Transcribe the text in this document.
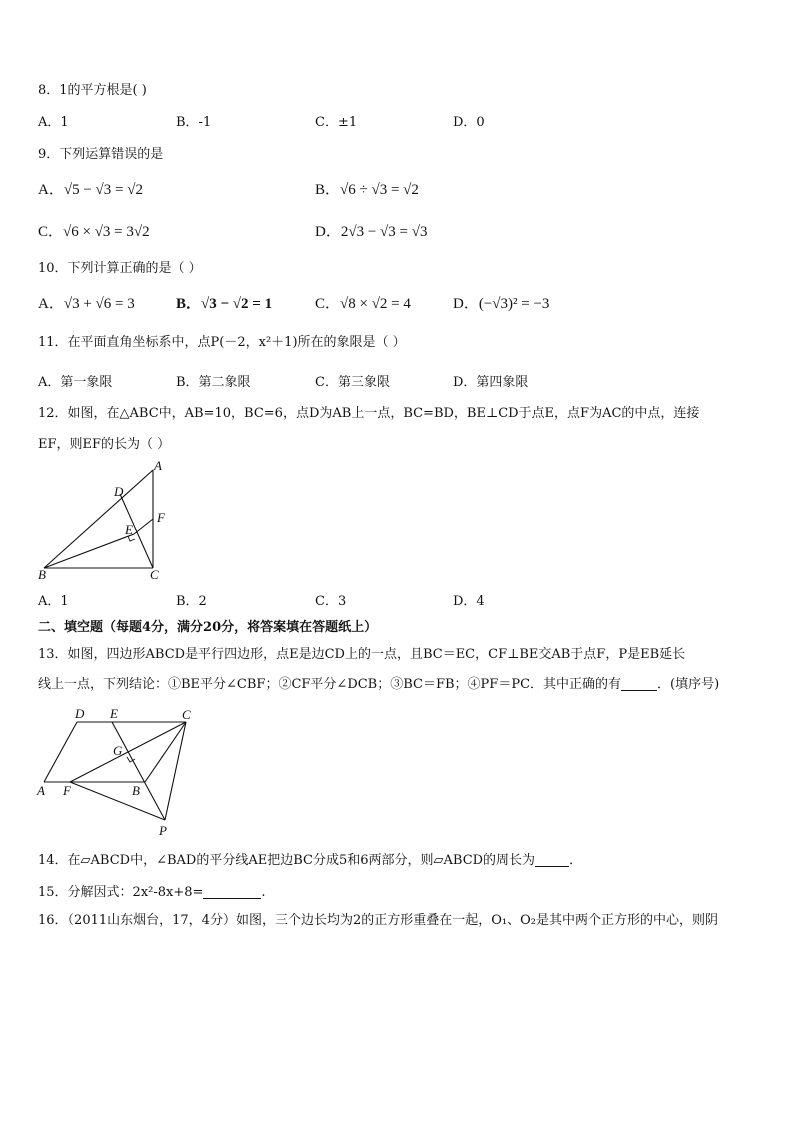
8．1的平方根是( )
A．1	B．-1	C．±1	D．0
9．下列运算错误的是
A．√5 − √3 = √2	B．√6 ÷ √3 = √2
C．√6 × √3 = 3√2	D．2√3 − √3 = √3
10．下列计算正确的是（ ）
A．√3 + √6 = 3	B．√3 − √2 = 1	C．√8 × √2 = 4	D．(−√3)² = −3
11．在平面直角坐标系中，点P(－2，x²＋1)所在的象限是（ ）
A．第一象限	B．第二象限	C．第三象限	D．第四象限
12．如图，在△ABC中，AB=10，BC=6，点D为AB上一点，BC=BD，BE⊥CD于点E，点F为AC的中点，连接
EF，则EF的长为（ ）
A
D
F
E
B	C
A．1	B．2	C．3	D．4
二、填空题（每题4分，满分20分，将答案填在答题纸上）
13．如图，四边形ABCD是平行四边形，点E是边CD上的一点，且BC＝EC，CF⊥BE交AB于点F，P是EB延长
线上一点，下列结论：①BE平分∠CBF；②CF平分∠DCB；③BC＝FB；④PF＝PC．其中正确的有	．(填序号)
D E	C
G
A F	B
P
14．在▱ABCD中，∠BAD的平分线AE把边BC分成5和6两部分，则▱ABCD的周长为	．
15．分解因式：2x²-8x+8=	.
16．（2011山东烟台，17，4分）如图，三个边长均为2的正方形重叠在一起，O₁、O₂是其中两个正方形的中心，则阴
